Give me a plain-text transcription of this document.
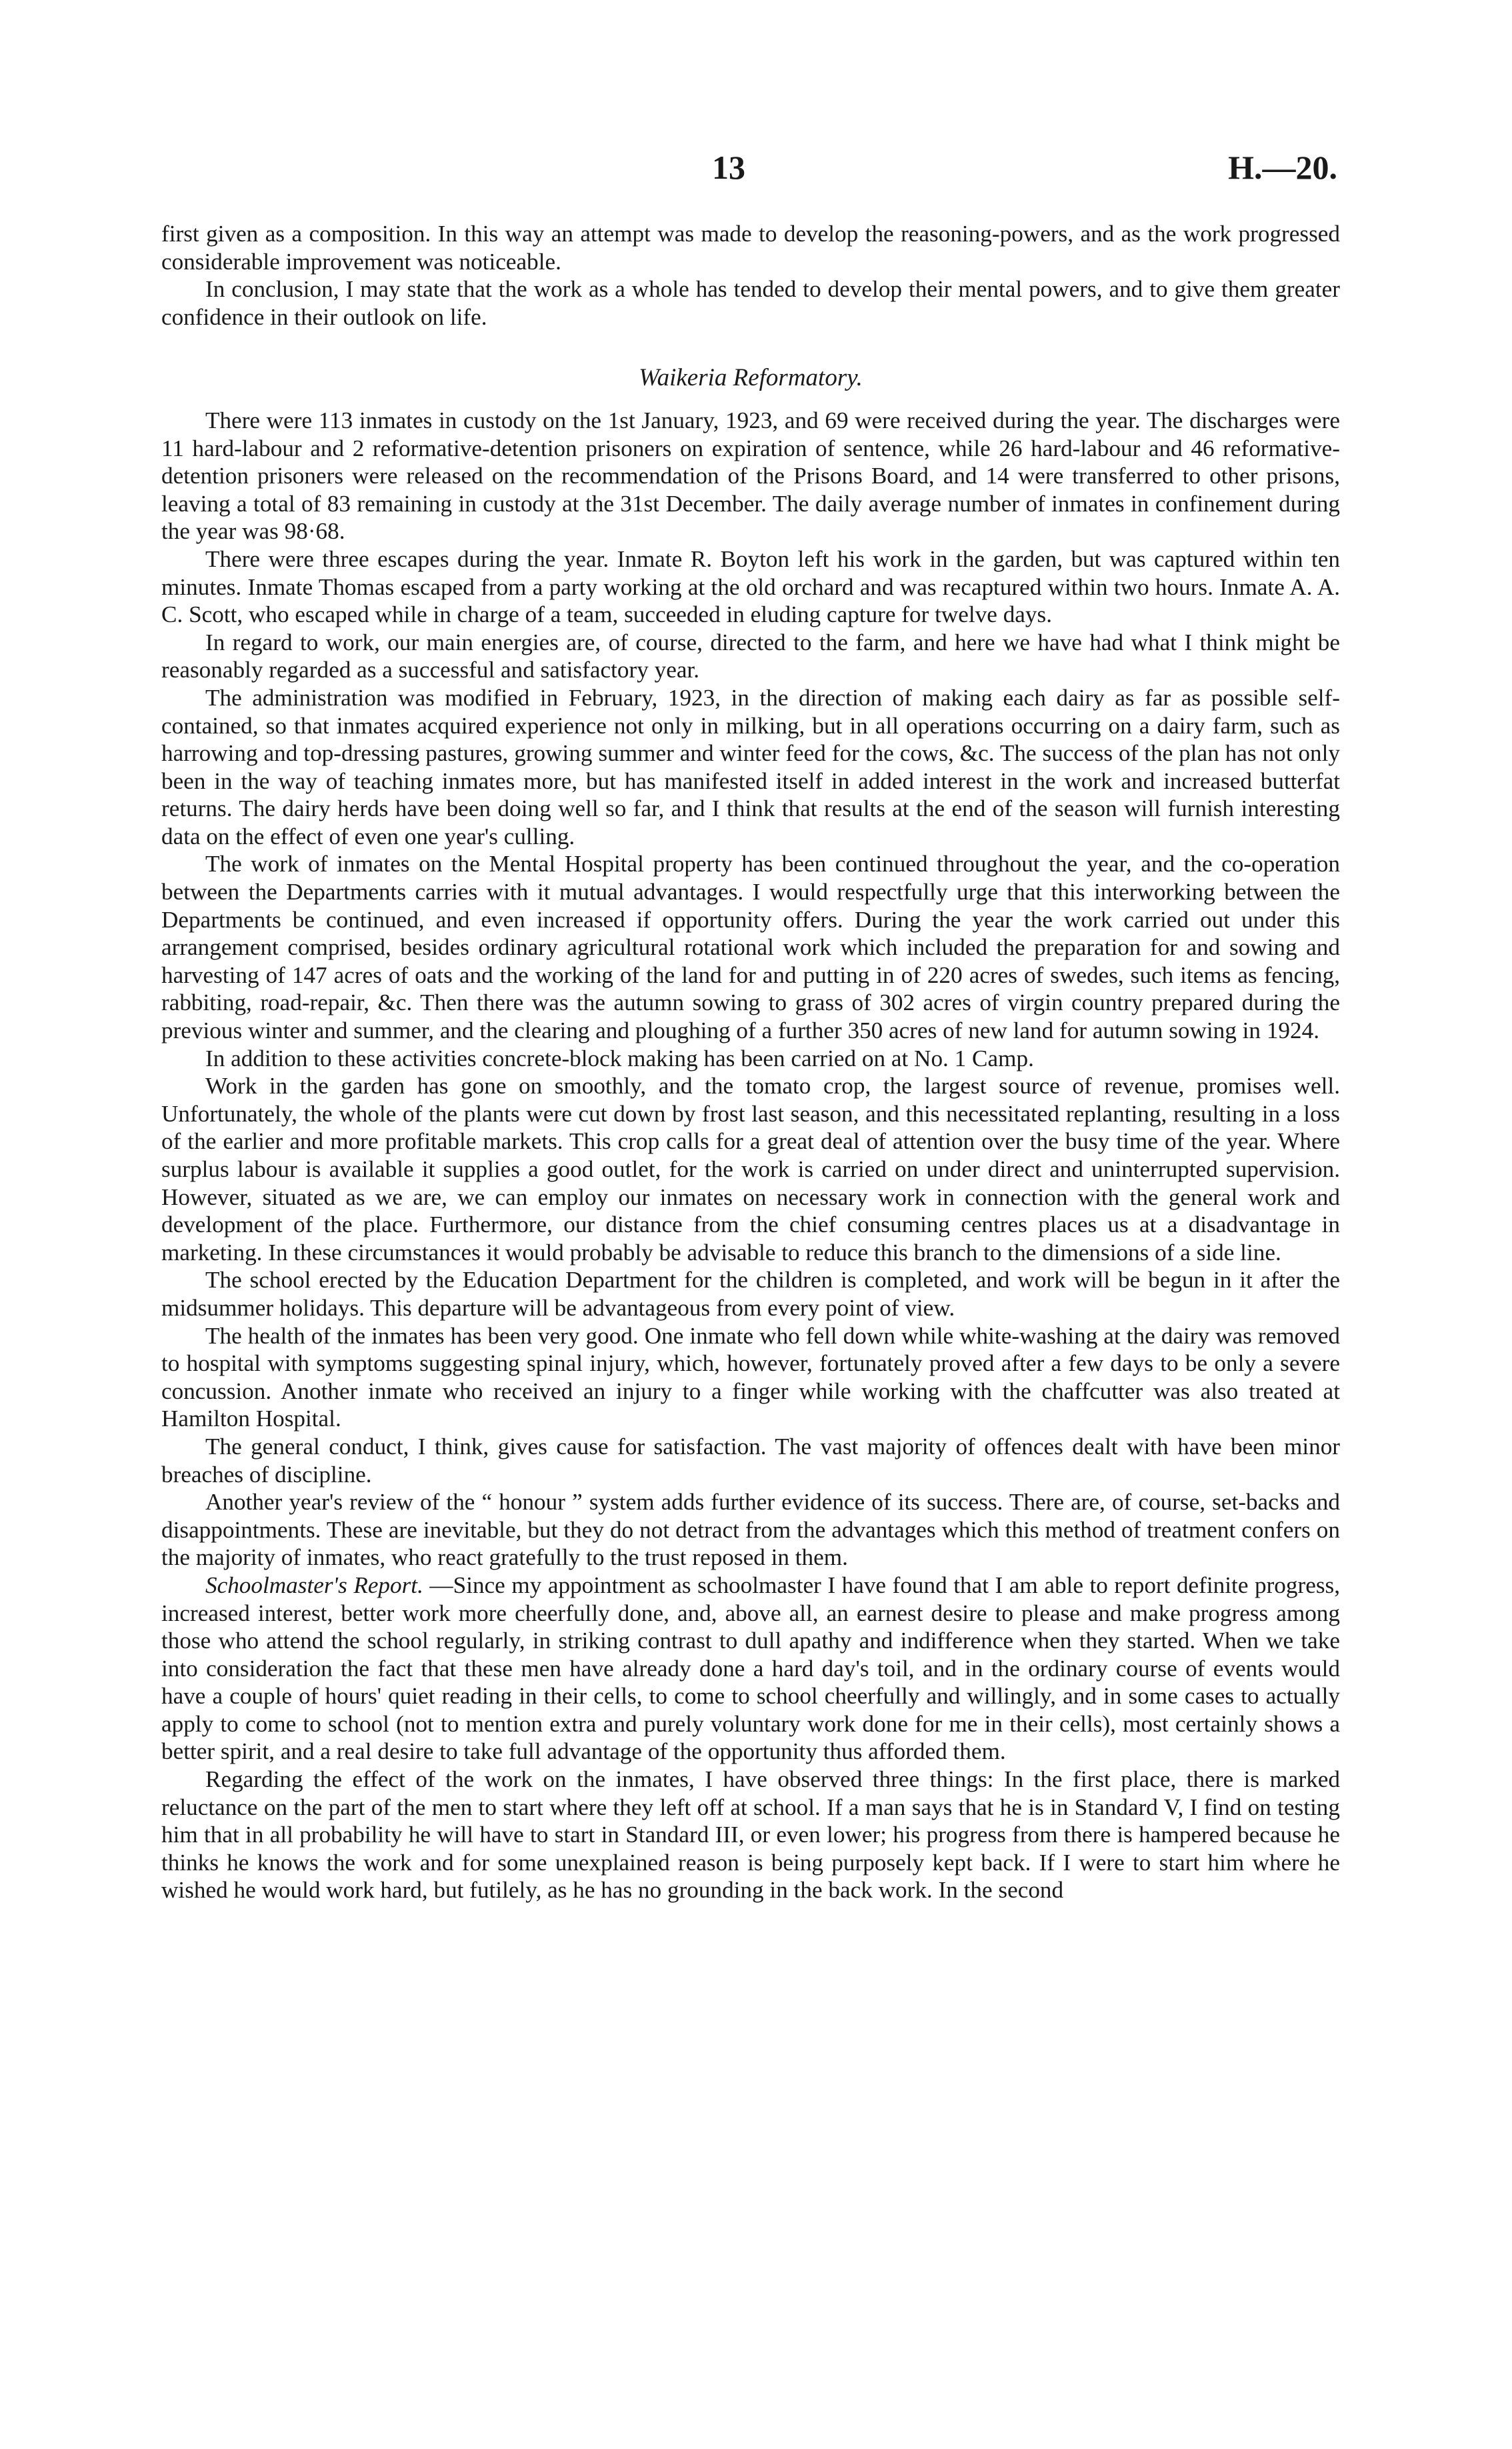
13	H.—20.

first given as a composition. In this way an attempt was made to develop the reasoning-powers, and as the work progressed considerable improvement was noticeable.

In conclusion, I may state that the work as a whole has tended to develop their mental powers, and to give them greater confidence in their outlook on life.

Waikeria Reformatory.

There were 113 inmates in custody on the 1st January, 1923, and 69 were received during the year. The discharges were 11 hard-labour and 2 reformative-detention prisoners on expiration of sentence, while 26 hard-labour and 46 reformative-detention prisoners were released on the recommendation of the Prisons Board, and 14 were transferred to other prisons, leaving a total of 83 remaining in custody at the 31st December. The daily average number of inmates in confinement during the year was 98·68.

There were three escapes during the year. Inmate R. Boyton left his work in the garden, but was captured within ten minutes. Inmate Thomas escaped from a party working at the old orchard and was recaptured within two hours. Inmate A. A. C. Scott, who escaped while in charge of a team, succeeded in eluding capture for twelve days.

In regard to work, our main energies are, of course, directed to the farm, and here we have had what I think might be reasonably regarded as a successful and satisfactory year.

The administration was modified in February, 1923, in the direction of making each dairy as far as possible self-contained, so that inmates acquired experience not only in milking, but in all operations occurring on a dairy farm, such as harrowing and top-dressing pastures, growing summer and winter feed for the cows, &c. The success of the plan has not only been in the way of teaching inmates more, but has manifested itself in added interest in the work and increased butterfat returns. The dairy herds have been doing well so far, and I think that results at the end of the season will furnish interesting data on the effect of even one year's culling.

The work of inmates on the Mental Hospital property has been continued throughout the year, and the co-operation between the Departments carries with it mutual advantages. I would respectfully urge that this interworking between the Departments be continued, and even increased if opportunity offers. During the year the work carried out under this arrangement comprised, besides ordinary agricultural rotational work which included the preparation for and sowing and harvesting of 147 acres of oats and the working of the land for and putting in of 220 acres of swedes, such items as fencing, rabbiting, road-repair, &c. Then there was the autumn sowing to grass of 302 acres of virgin country prepared during the previous winter and summer, and the clearing and ploughing of a further 350 acres of new land for autumn sowing in 1924.

In addition to these activities concrete-block making has been carried on at No. 1 Camp.

Work in the garden has gone on smoothly, and the tomato crop, the largest source of revenue, promises well. Unfortunately, the whole of the plants were cut down by frost last season, and this necessitated replanting, resulting in a loss of the earlier and more profitable markets. This crop calls for a great deal of attention over the busy time of the year. Where surplus labour is available it supplies a good outlet, for the work is carried on under direct and uninterrupted supervision. However, situated as we are, we can employ our inmates on necessary work in connection with the general work and development of the place. Furthermore, our distance from the chief consuming centres places us at a disadvantage in marketing. In these circumstances it would probably be advisable to reduce this branch to the dimensions of a side line.

The school erected by the Education Department for the children is completed, and work will be begun in it after the midsummer holidays. This departure will be advantageous from every point of view.

The health of the inmates has been very good. One inmate who fell down while white-washing at the dairy was removed to hospital with symptoms suggesting spinal injury, which, however, fortunately proved after a few days to be only a severe concussion. Another inmate who received an injury to a finger while working with the chaffcutter was also treated at Hamilton Hospital.

The general conduct, I think, gives cause for satisfaction. The vast majority of offences dealt with have been minor breaches of discipline.

Another year's review of the “ honour ” system adds further evidence of its success. There are, of course, set-backs and disappointments. These are inevitable, but they do not detract from the advantages which this method of treatment confers on the majority of inmates, who react gratefully to the trust reposed in them.

Schoolmaster's Report. —Since my appointment as schoolmaster I have found that I am able to report definite progress, increased interest, better work more cheerfully done, and, above all, an earnest desire to please and make progress among those who attend the school regularly, in striking contrast to dull apathy and indifference when they started. When we take into consideration the fact that these men have already done a hard day's toil, and in the ordinary course of events would have a couple of hours' quiet reading in their cells, to come to school cheerfully and willingly, and in some cases to actually apply to come to school (not to mention extra and purely voluntary work done for me in their cells), most certainly shows a better spirit, and a real desire to take full advantage of the opportunity thus afforded them.

Regarding the effect of the work on the inmates, I have observed three things: In the first place, there is marked reluctance on the part of the men to start where they left off at school. If a man says that he is in Standard V, I find on testing him that in all probability he will have to start in Standard III, or even lower; his progress from there is hampered because he thinks he knows the work and for some unexplained reason is being purposely kept back. If I were to start him where he wished he would work hard, but futilely, as he has no grounding in the back work. In the second
